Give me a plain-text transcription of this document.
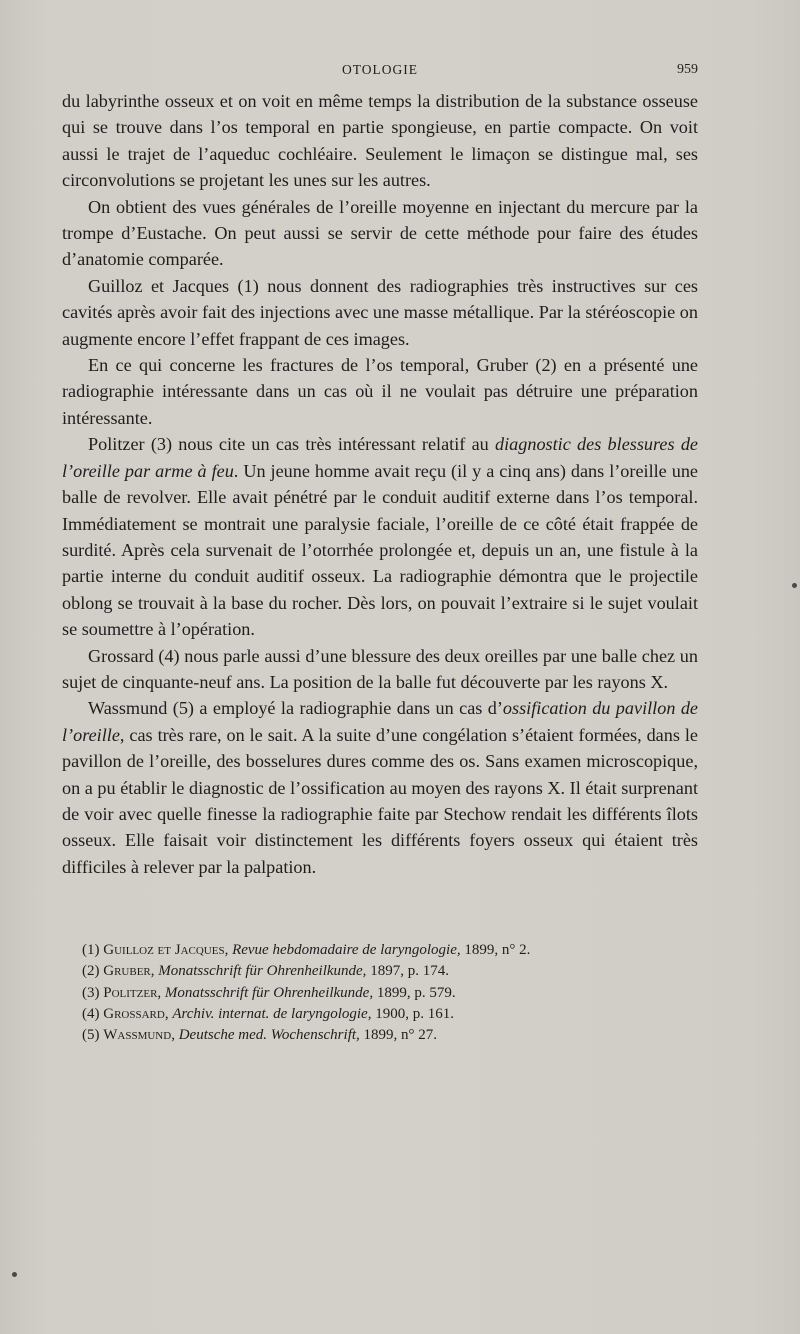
OTOLOGIE	959

du labyrinthe osseux et on voit en même temps la distribution de la substance osseuse qui se trouve dans l’os temporal en partie spongieuse, en partie compacte. On voit aussi le trajet de l’aqueduc cochléaire. Seulement le limaçon se distingue mal, ses circonvolutions se projetant les unes sur les autres.

On obtient des vues générales de l’oreille moyenne en injectant du mercure par la trompe d’Eustache. On peut aussi se servir de cette méthode pour faire des études d’anatomie comparée.

Guilloz et Jacques (1) nous donnent des radiographies très instructives sur ces cavités après avoir fait des injections avec une masse métallique. Par la stéréoscopie on augmente encore l’effet frappant de ces images.

En ce qui concerne les fractures de l’os temporal, Gruber (2) en a présenté une radiographie intéressante dans un cas où il ne voulait pas détruire une préparation intéressante.

Politzer (3) nous cite un cas très intéressant relatif au diagnostic des blessures de l’oreille par arme à feu. Un jeune homme avait reçu (il y a cinq ans) dans l’oreille une balle de revolver. Elle avait pénétré par le conduit auditif externe dans l’os temporal. Immédiatement se montrait une paralysie faciale, l’oreille de ce côté était frappée de surdité. Après cela survenait de l’otorrhée prolongée et, depuis un an, une fistule à la partie interne du conduit auditif osseux. La radiographie démontra que le projectile oblong se trouvait à la base du rocher. Dès lors, on pouvait l’extraire si le sujet voulait se soumettre à l’opération.

Grossard (4) nous parle aussi d’une blessure des deux oreilles par une balle chez un sujet de cinquante-neuf ans. La position de la balle fut découverte par les rayons X.

Wassmund (5) a employé la radiographie dans un cas d’ossification du pavillon de l’oreille, cas très rare, on le sait. A la suite d’une congélation s’étaient formées, dans le pavillon de l’oreille, des bosselures dures comme des os. Sans examen microscopique, on a pu établir le diagnostic de l’ossification au moyen des rayons X. Il était surprenant de voir avec quelle finesse la radiographie faite par Stechow rendait les différents îlots osseux. Elle faisait voir distinctement les différents foyers osseux qui étaient très difficiles à relever par la palpation.

(1) Guilloz et Jacques, Revue hebdomadaire de laryngologie, 1899, n° 2.
(2) Gruber, Monatsschrift für Ohrenheilkunde, 1897, p. 174.
(3) Politzer, Monatsschrift für Ohrenheilkunde, 1899, p. 579.
(4) Grossard, Archiv. internat. de laryngologie, 1900, p. 161.
(5) Wassmund, Deutsche med. Wochenschrift, 1899, n° 27.
